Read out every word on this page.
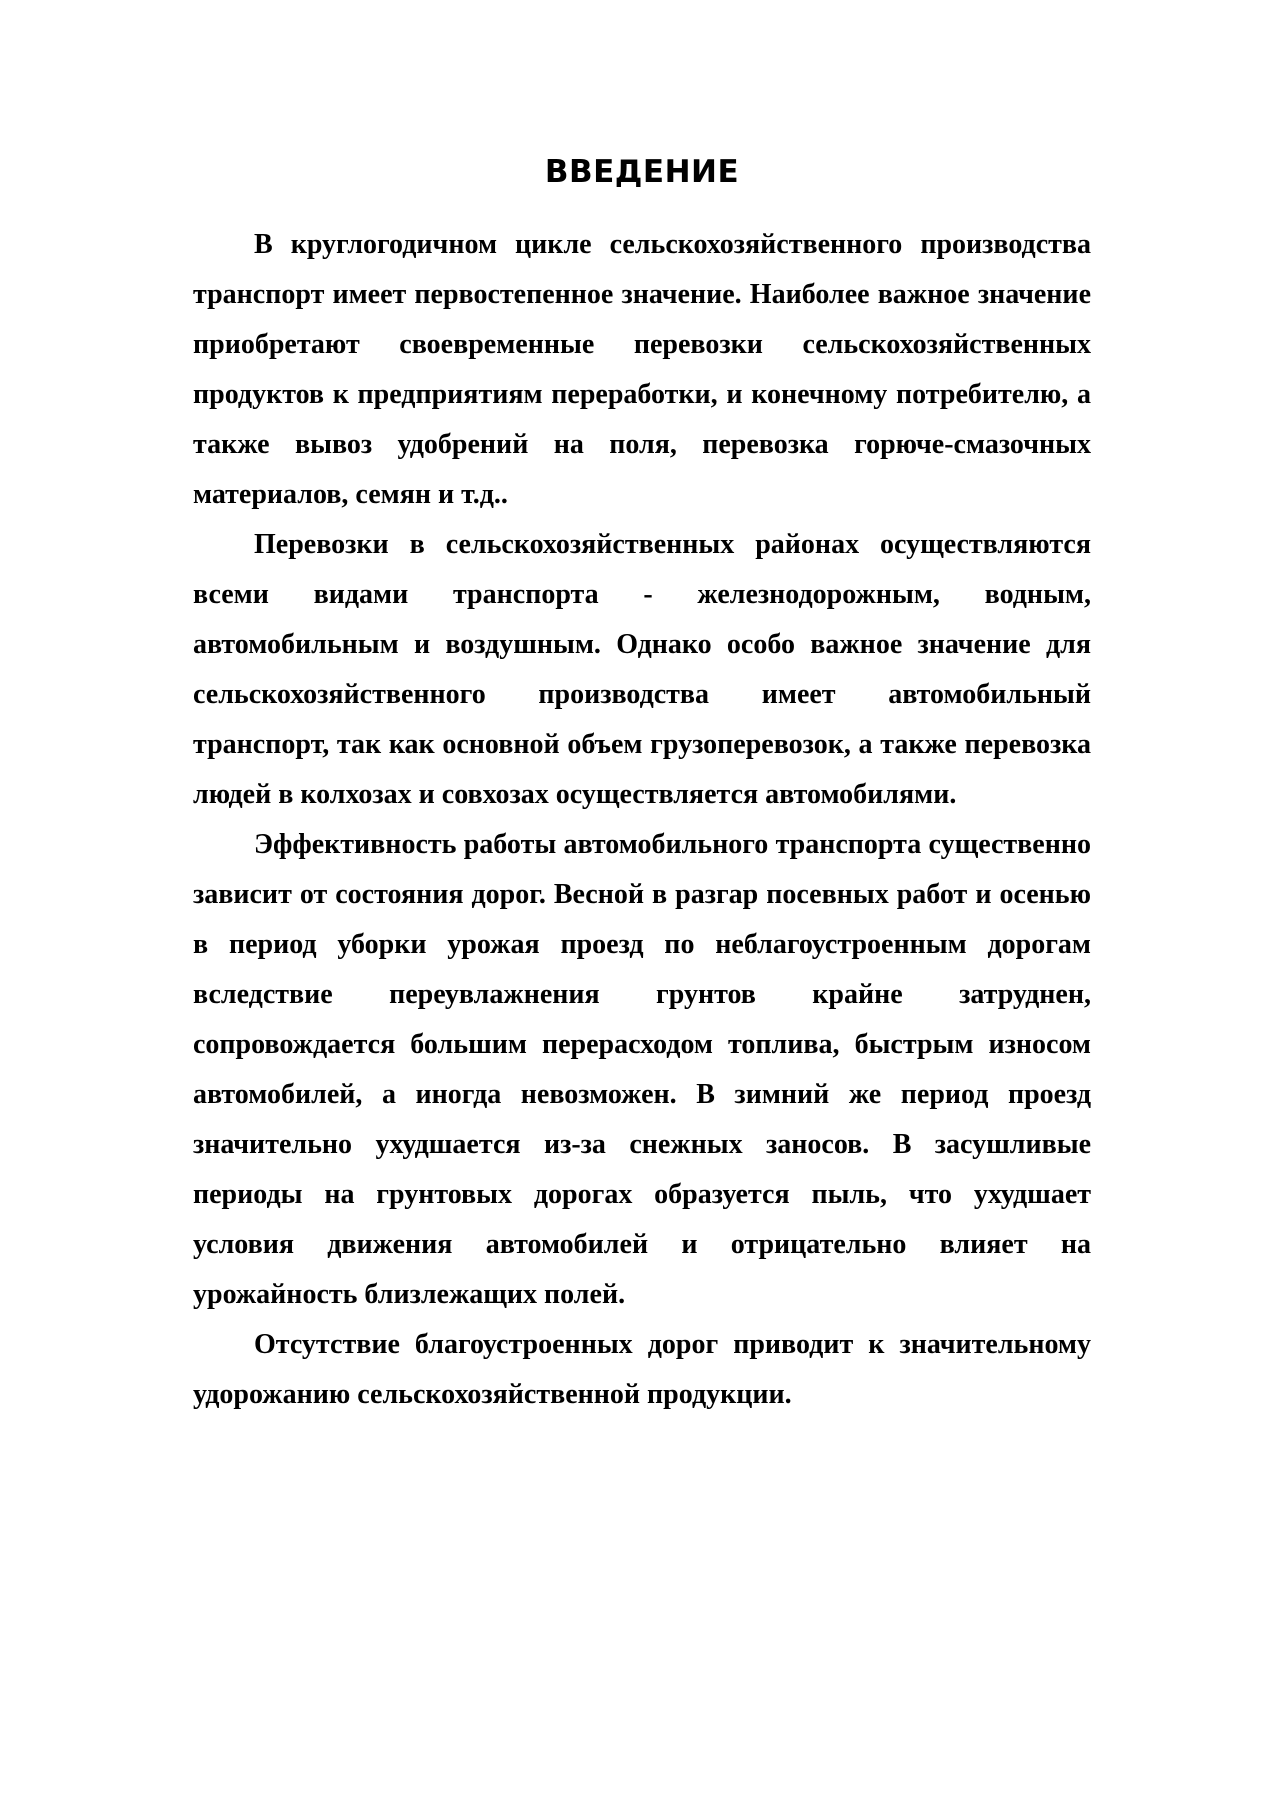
ВВЕДЕНИЕ

В круглогодичном цикле сельскохозяйственного производства транспорт имеет первостепенное значение. Наиболее важное значение приобретают своевременные перевозки сельскохозяйственных продуктов к предприятиям переработки, и конечному потребителю, а также вывоз удобрений на поля, перевозка горюче-смазочных материалов, семян и т.д..

Перевозки в сельскохозяйственных районах осуществляются всеми видами транспорта - железнодорожным, водным, автомобильным и воздушным. Однако особо важное значение для сельскохозяйственного производства имеет автомобильный транспорт, так как основной объем грузоперевозок, а также перевозка людей в колхозах и совхозах осуществляется автомобилями.

Эффективность работы автомобильного транспорта существенно зависит от состояния дорог. Весной в разгар посевных работ и осенью в период уборки урожая проезд по неблагоустроенным дорогам вследствие переувлажнения грунтов крайне затруднен, сопровождается большим перерасходом топлива, быстрым износом автомобилей, а иногда невозможен. В зимний же период проезд значительно ухудшается из-за снежных заносов. В засушливые периоды на грунтовых дорогах образуется пыль, что ухудшает условия движения автомобилей и отрицательно влияет на урожайность близлежащих полей.

Отсутствие благоустроенных дорог приводит к значительному удорожанию сельскохозяйственной продукции.
